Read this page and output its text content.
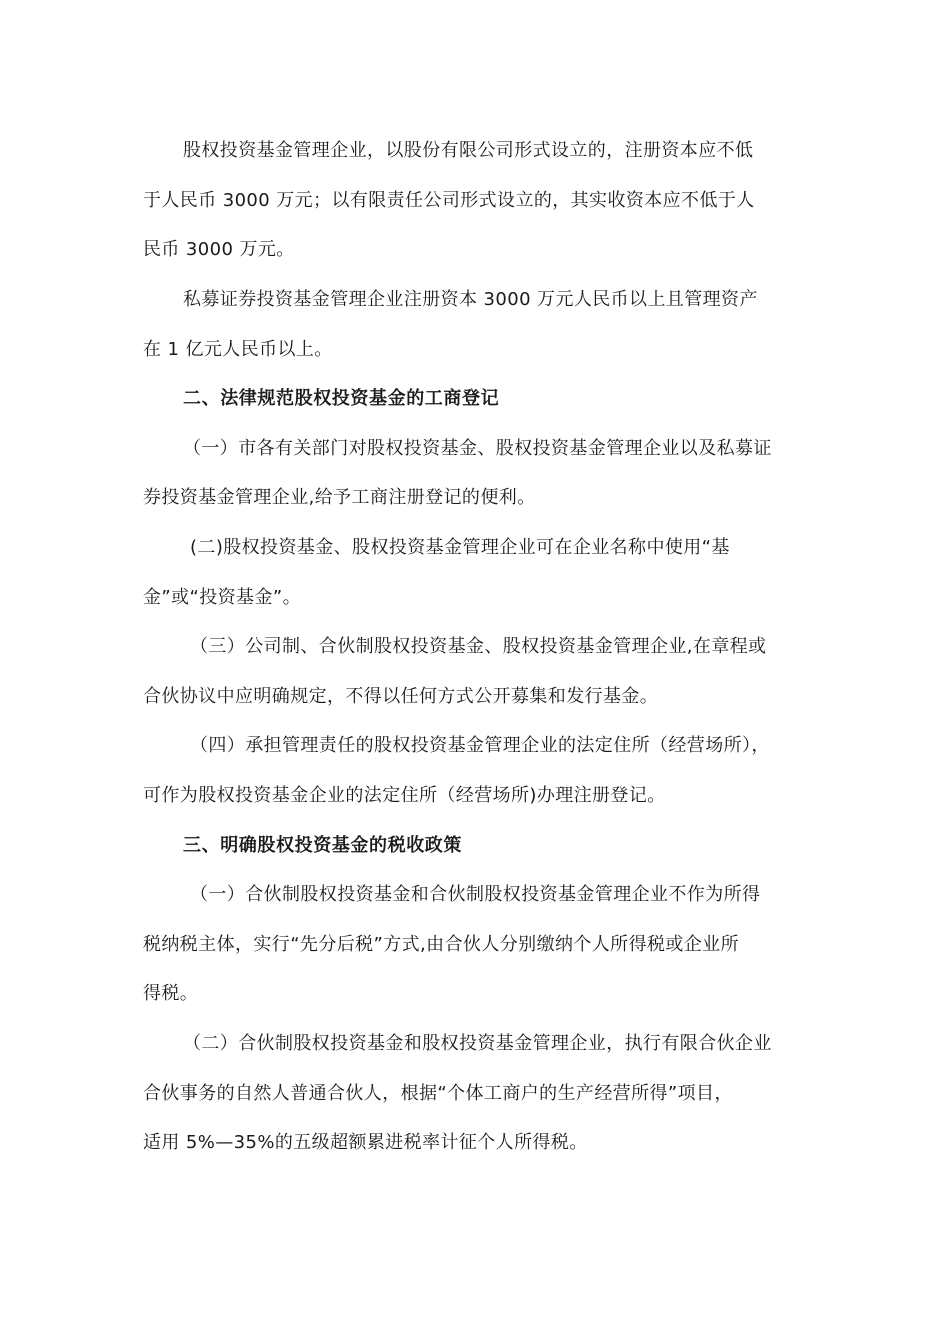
股权投资基金管理企业，以股份有限公司形式设立的，注册资本应不低
于人民币 3000 万元；以有限责任公司形式设立的，其实收资本应不低于人
民币 3000 万元。
私募证券投资基金管理企业注册资本 3000 万元人民币以上且管理资产
在 1 亿元人民币以上。
二、法律规范股权投资基金的工商登记
（一）市各有关部门对股权投资基金、股权投资基金管理企业以及私募证
券投资基金管理企业,给予工商注册登记的便利。
(二)股权投资基金、股权投资基金管理企业可在企业名称中使用“基
金”或“投资基金”。
（三）公司制、合伙制股权投资基金、股权投资基金管理企业,在章程或
合伙协议中应明确规定，不得以任何方式公开募集和发行基金。
（四）承担管理责任的股权投资基金管理企业的法定住所（经营场所），
可作为股权投资基金企业的法定住所（经营场所)办理注册登记。
三、明确股权投资基金的税收政策
（一）合伙制股权投资基金和合伙制股权投资基金管理企业不作为所得
税纳税主体，实行“先分后税”方式,由合伙人分别缴纳个人所得税或企业所
得税。
（二）合伙制股权投资基金和股权投资基金管理企业，执行有限合伙企业
合伙事务的自然人普通合伙人，根据“个体工商户的生产经营所得”项目，
适用 5%—35%的五级超额累进税率计征个人所得税。
